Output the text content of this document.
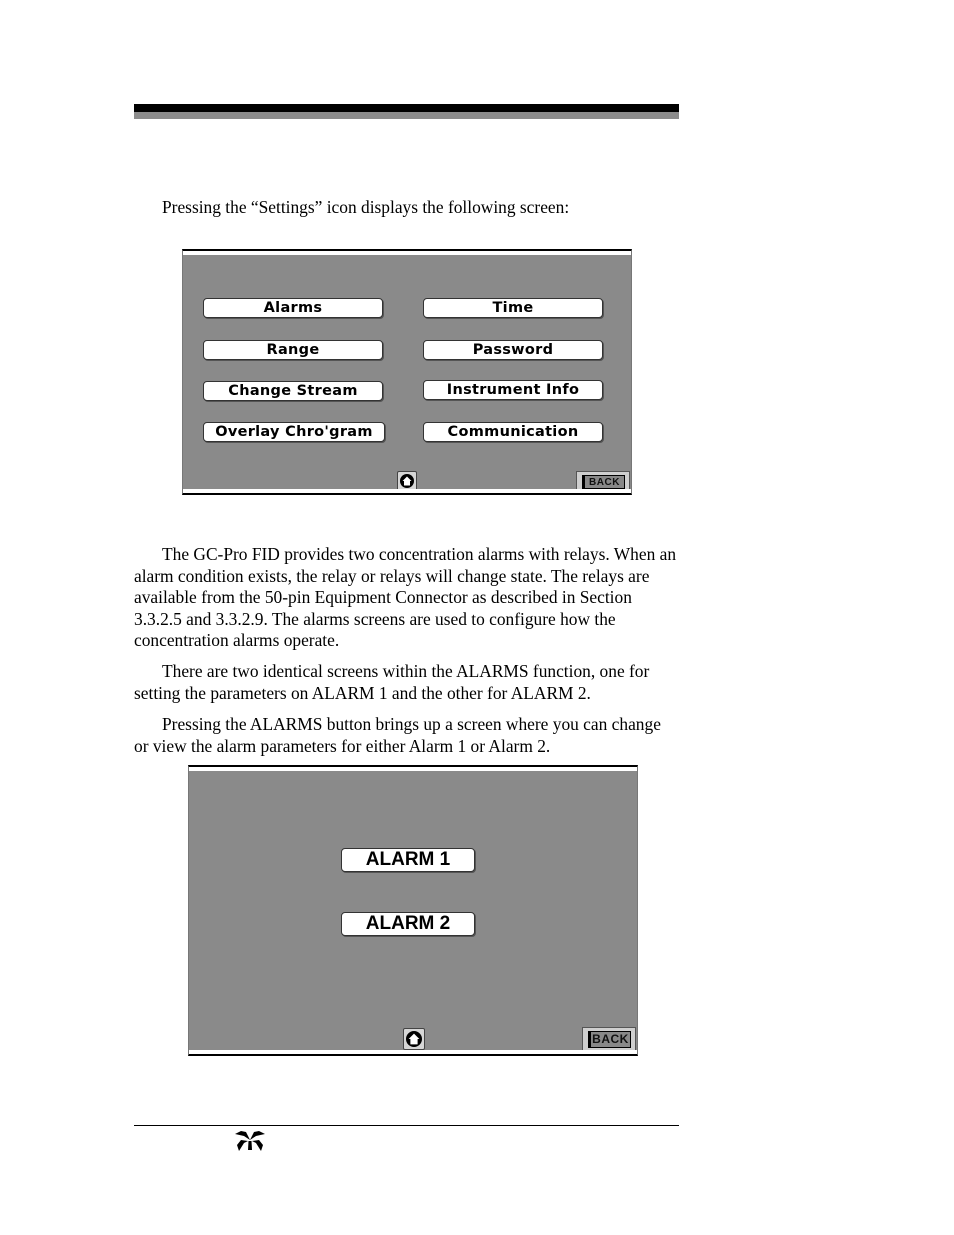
Pressing the “Settings” icon displays the following screen:

Alarms	Time
Range	Password
Change Stream	Instrument Info
Overlay Chro'gram	Communication
BACK

The GC-Pro FID provides two concentration alarms with relays. When an alarm condition exists, the relay or relays will change state. The relays are available from the 50-pin Equipment Connector as described in Section 3.3.2.5 and 3.3.2.9. The alarms screens are used to configure how the concentration alarms operate.

There are two identical screens within the ALARMS function, one for setting the parameters on ALARM 1 and the other for ALARM 2.

Pressing the ALARMS button brings up a screen where you can change or view the alarm parameters for either Alarm 1 or Alarm 2.

ALARM 1
ALARM 2
BACK
